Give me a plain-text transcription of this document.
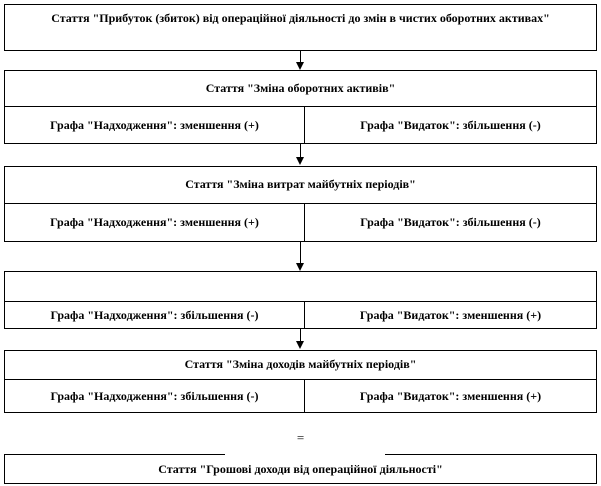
Стаття "Прибуток (збиток) від операційної діяльності до змін в чистих оборотних активах"
Стаття "Зміна оборотних активів"
Графа "Надходження": зменшення (+)	Графа "Видаток": збільшення (-)
Стаття "Зміна витрат майбутніх періодів"
Графа "Надходження": зменшення (+)	Графа "Видаток": збільшення (-)
Графа "Надходження": збільшення (-)	Графа "Видаток": зменшення (+)
Стаття "Зміна доходів майбутніх періодів"
Графа "Надходження": збільшення (-)	Графа "Видаток": зменшення (+)
=
Стаття "Грошові доходи від операційної діяльності"
